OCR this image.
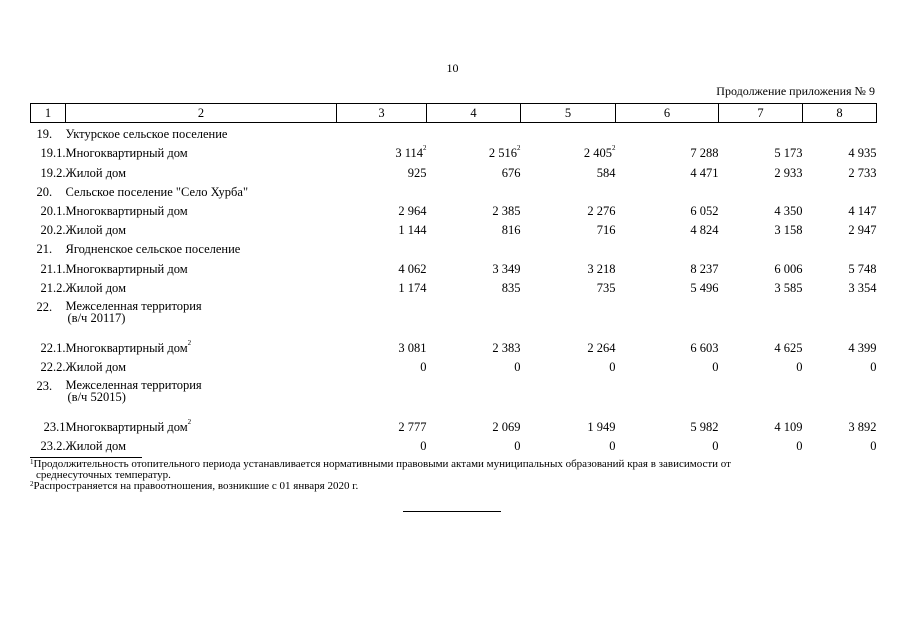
10
Продолжение приложения № 9
1	2	3	4	5	6	7	8
19.	Уктурское сельское поселение						
19.1.	Многоквартирный дом	3 $114^2$	2 $516^2$	2 $405^2$	7 288	5 173	4 935
19.2.	Жилой дом	925	676	584	4 471	2 933	2 733
20.	Сельское поселение "Село Хурба"						
20.1.	Многоквартирный дом	2 964	2 385	2 276	6 052	4 350	4 147
20.2.	Жилой дом	1 144	816	716	4 824	3 158	2 947
21.	Ягодненское сельское поселение						
21.1.	Многоквартирный дом	4 062	3 349	3 218	8 237	6 006	5 748
21.2.	Жилой дом	1 174	835	735	5 496	3 585	3 354
22.	Межселенная территория
(в/ч 20117)						
22.1.	Многоквартирный дом$^2$	3 081	2 383	2 264	6 603	4 625	4 399
22.2.	Жилой дом	0	0	0	0	0	0
23.	Межселенная территория
(в/ч 52015)						
23.1	Многоквартирный дом$^2$	2 777	2 069	1 949	5 982	4 109	3 892
23.2.	Жилой дом	0	0	0	0	0	0

$^1$Продолжительность отопительного периода устанавливается нормативными правовыми актами муниципальных образований края в зависимости от

среднесуточных температур.

$^2$Распространяется на правоотношения, возникшие с 01 января 2020 г.
